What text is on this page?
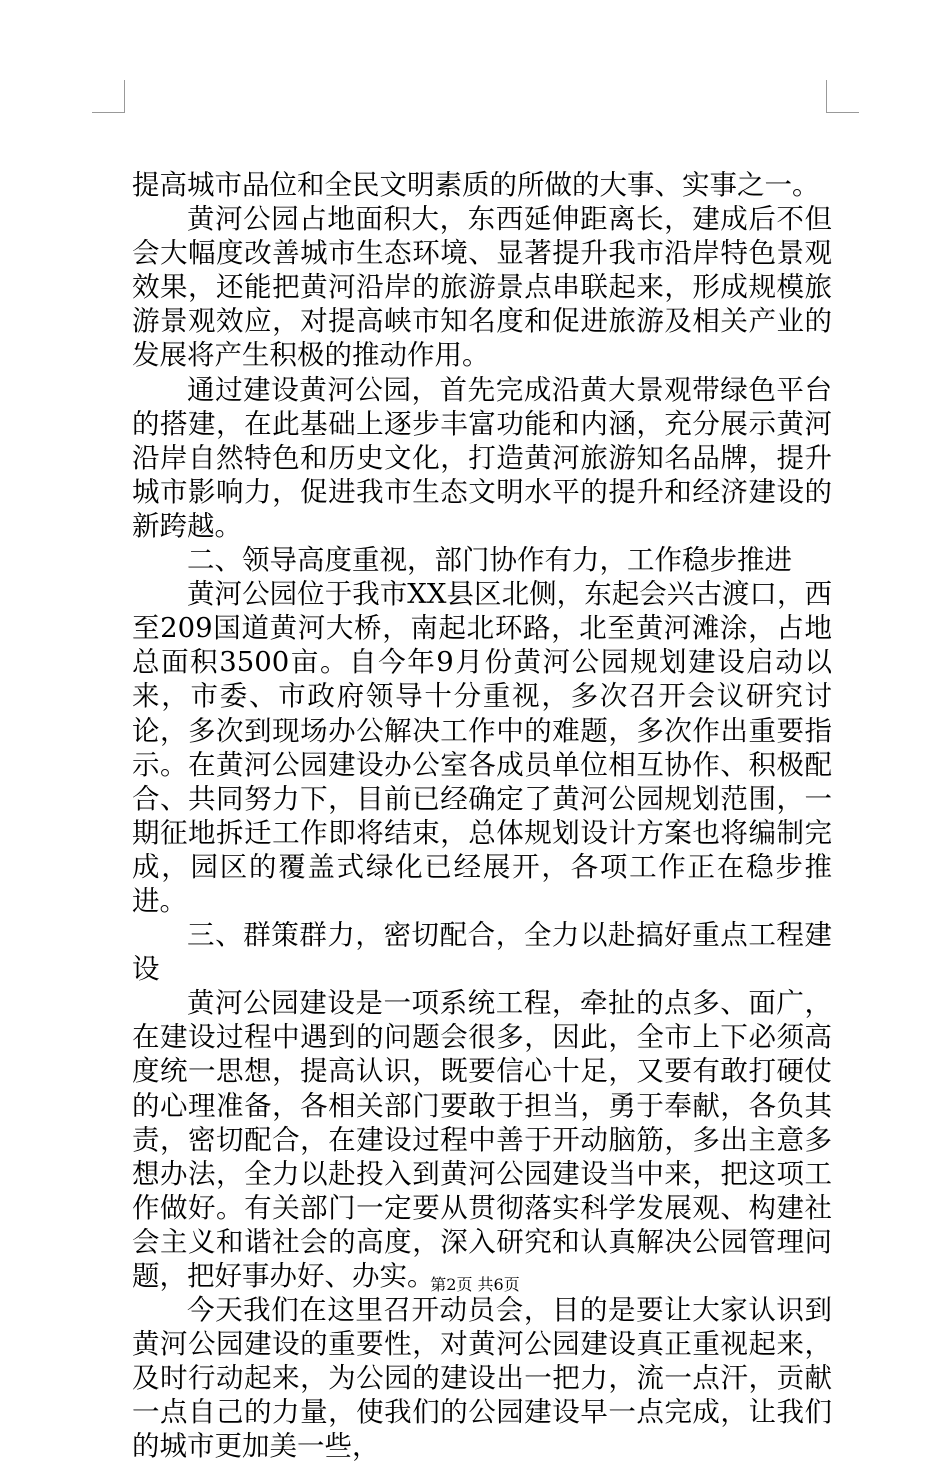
提高城市品位和全民文明素质的所做的大事、实事之一。

黄河公园占地面积大，东西延伸距离长，建成后不但会大幅度改善城市生态环境、显著提升我市沿岸特色景观效果，还能把黄河沿岸的旅游景点串联起来，形成规模旅游景观效应，对提高峡市知名度和促进旅游及相关产业的发展将产生积极的推动作用。

通过建设黄河公园，首先完成沿黄大景观带绿色平台的搭建，在此基础上逐步丰富功能和内涵，充分展示黄河沿岸自然特色和历史文化，打造黄河旅游知名品牌，提升城市影响力，促进我市生态文明水平的提升和经济建设的新跨越。

二、领导高度重视，部门协作有力，工作稳步推进

黄河公园位于我市XX县区北侧，东起会兴古渡口，西至209国道黄河大桥，南起北环路，北至黄河滩涂，占地总面积3500亩。自今年9月份黄河公园规划建设启动以来，市委、市政府领导十分重视，多次召开会议研究讨论，多次到现场办公解决工作中的难题，多次作出重要指示。在黄河公园建设办公室各成员单位相互协作、积极配合、共同努力下，目前已经确定了黄河公园规划范围，一期征地拆迁工作即将结束，总体规划设计方案也将编制完成，园区的覆盖式绿化已经展开，各项工作正在稳步推进。

三、群策群力，密切配合，全力以赴搞好重点工程建设

黄河公园建设是一项系统工程，牵扯的点多、面广，在建设过程中遇到的问题会很多，因此，全市上下必须高度统一思想，提高认识，既要信心十足，又要有敢打硬仗的心理准备，各相关部门要敢于担当，勇于奉献，各负其责，密切配合，在建设过程中善于开动脑筋，多出主意多想办法，全力以赴投入到黄河公园建设当中来，把这项工作做好。有关部门一定要从贯彻落实科学发展观、构建社会主义和谐社会的高度，深入研究和认真解决公园管理问题，把好事办好、办实。

今天我们在这里召开动员会，目的是要让大家认识到黄河公园建设的重要性，对黄河公园建设真正重视起来，及时行动起来，为公园的建设出一把力，流一点汗，贡献一点自己的力量，使我们的公园建设早一点完成，让我们的城市更加美一些，

第2页 共6页
